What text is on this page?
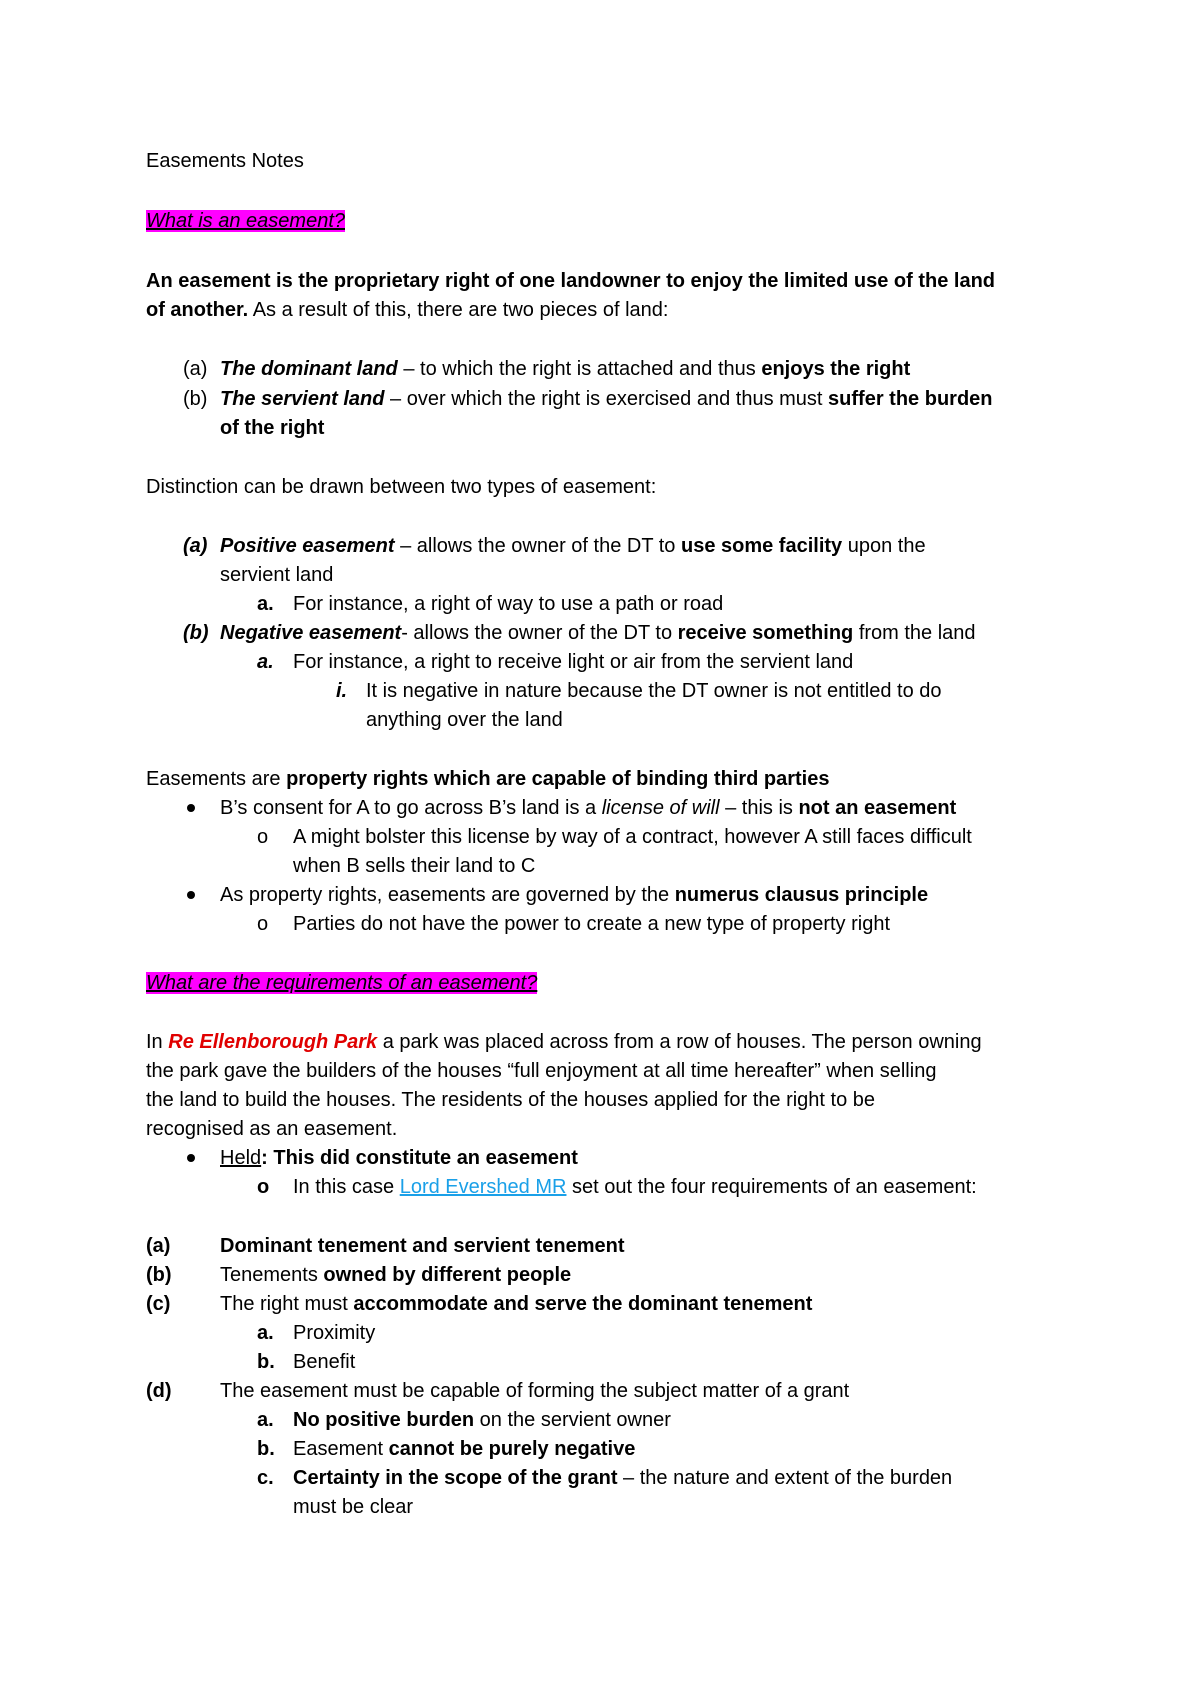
Easements Notes
What is an easement?
An easement is the proprietary right of one landowner to enjoy the limited use of the land
of another. As a result of this, there are two pieces of land:
(a) The dominant land – to which the right is attached and thus enjoys the right
(b) The servient land – over which the right is exercised and thus must suffer the burden
of the right
Distinction can be drawn between two types of easement:
(a) Positive easement – allows the owner of the DT to use some facility upon the
servient land
a. For instance, a right of way to use a path or road
(b) Negative easement- allows the owner of the DT to receive something from the land
a. For instance, a right to receive light or air from the servient land
i. It is negative in nature because the DT owner is not entitled to do
anything over the land
Easements are property rights which are capable of binding third parties
B’s consent for A to go across B’s land is a license of will – this is not an easement
o A might bolster this license by way of a contract, however A still faces difficult
when B sells their land to C
As property rights, easements are governed by the numerus clausus principle
o Parties do not have the power to create a new type of property right
What are the requirements of an easement?
In Re Ellenborough Park a park was placed across from a row of houses. The person owning
the park gave the builders of the houses “full enjoyment at all time hereafter” when selling
the land to build the houses. The residents of the houses applied for the right to be
recognised as an easement.
Held: This did constitute an easement
o In this case Lord Evershed MR set out the four requirements of an easement:
(a) Dominant tenement and servient tenement
(b) Tenements owned by different people
(c) The right must accommodate and serve the dominant tenement
a. Proximity
b. Benefit
(d) The easement must be capable of forming the subject matter of a grant
a. No positive burden on the servient owner
b. Easement cannot be purely negative
c. Certainty in the scope of the grant – the nature and extent of the burden
must be clear
